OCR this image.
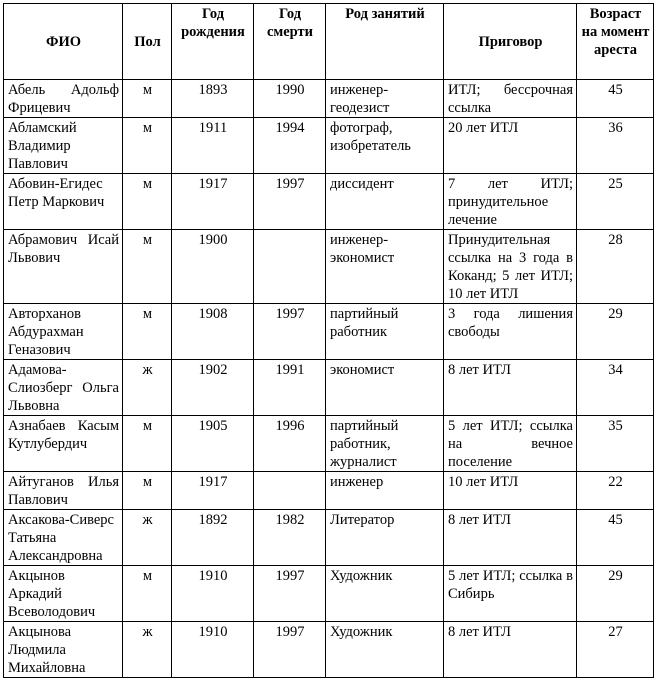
ФИО	Пол	Год рождения	Год смерти	Род занятий	Приговор	Возраст на момент ареста
Абель Адольф Фрицевич	м	1893	1990	инженер-геодезист	ИТЛ; бессрочная ссылка	45
Абламский Владимир Павлович	м	1911	1994	фотограф, изобретатель	20 лет ИТЛ	36
Абовин-Егидес Петр Маркович	м	1917	1997	диссидент	7 лет ИТЛ; принудительное лечение	25
Абрамович Исай Львович	м	1900		инженер-экономист	Принудительная ссылка на 3 года в Коканд; 5 лет ИТЛ; 10 лет ИТЛ	28
Авторханов Абдурахман Геназович	м	1908	1997	партийный работник	3 года лишения свободы	29
Адамова-Слиозберг Ольга Львовна	ж	1902	1991	экономист	8 лет ИТЛ	34
Азнабаев Касым Кутлубердич	м	1905	1996	партийный работник, журналист	5 лет ИТЛ; ссылка на вечное поселение	35
Айтуганов Илья Павлович	м	1917		инженер	10 лет ИТЛ	22
Аксакова-Сиверс Татьяна Александровна	ж	1892	1982	Литератор	8 лет ИТЛ	45
Акцынов Аркадий Всеволодович	м	1910	1997	Художник	5 лет ИТЛ; ссылка в Сибирь	29
Акцынова Людмила Михайловна	ж	1910	1997	Художник	8 лет ИТЛ	27
